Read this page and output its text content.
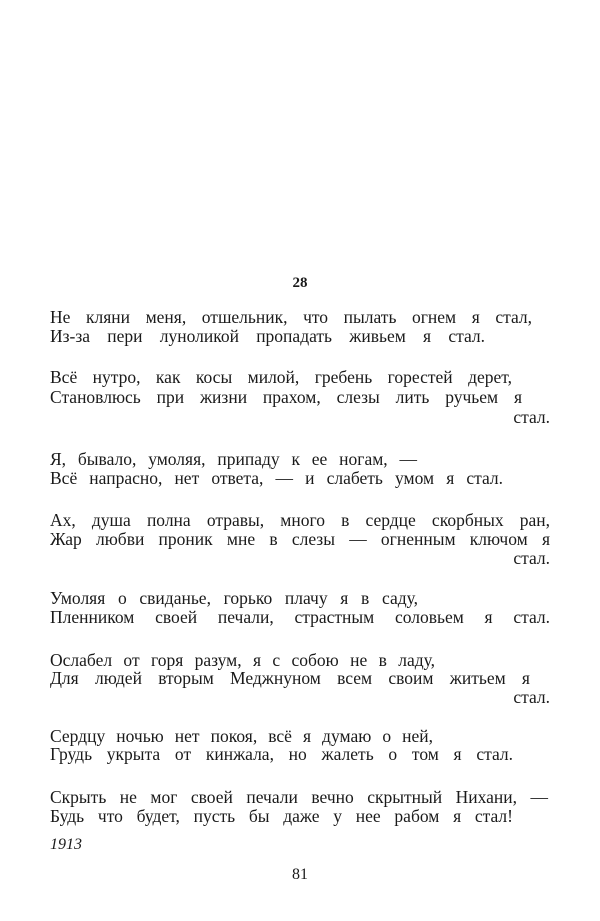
28
Не кляни меня, отшельник, что пылать огнем я стал,
Из-за пери луноликой пропадать живьем я стал.
Всё нутро, как косы милой, гребень горестей дерет,
Становлюсь при жизни прахом, слезы лить ручьем я
стал.
Я, бывало, умоляя, припаду к ее ногам, —
Всё напрасно, нет ответа, — и слабеть умом я стал.
Ах, душа полна отравы, много в сердце скорбных ран,
Жар любви проник мне в слезы — огненным ключом я
стал.
Умоляя о свиданье, горько плачу я в саду,
Пленником своей печали, страстным соловьем я стал.
Ослабел от горя разум, я с собою не в ладу,
Для людей вторым Меджнуном всем своим житьем я
стал.
Сердцу ночью нет покоя, всё я думаю о ней,
Грудь укрыта от кинжала, но жалеть о том я стал.
Скрыть не мог своей печали вечно скрытный Нихани, —
Будь что будет, пусть бы даже у нее рабом я стал!
1913
81
